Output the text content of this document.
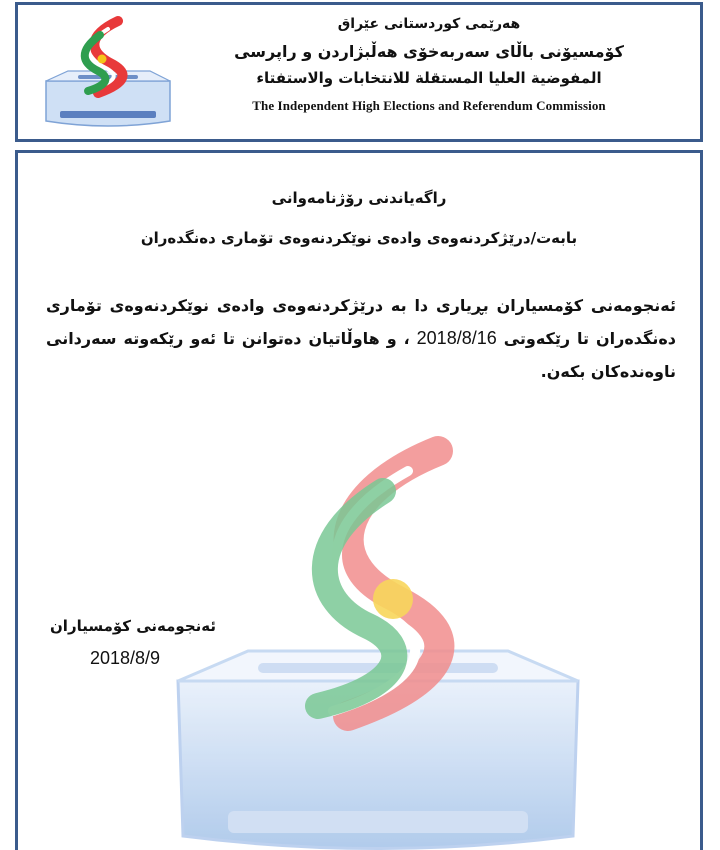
هەرێمی کوردستانی عێراق
کۆمسیۆنی باڵای سەربەخۆی هەڵبژاردن و راپرسی
المفوضية العليا المستقلة للانتخابات والاستفتاء
The Independent High Elections and Referendum Commission
راگەیاندنی رۆژنامەوانی
بابەت/درێژکردنەوەی وادەی نوێکردنەوەی تۆماری دەنگدەران
ئەنجومەنی کۆمسیاران بڕیاری دا بە درێژکردنەوەی وادەی نوێکردنەوەی تۆماری دەنگدەران تا رێکەوتی 2018/8/16 ، و هاوڵاتیان دەتوانن تا ئەو رێکەوتە سەردانی ناوەندەکان بکەن.
ئەنجومەنی کۆمسیاران
2018/8/9
